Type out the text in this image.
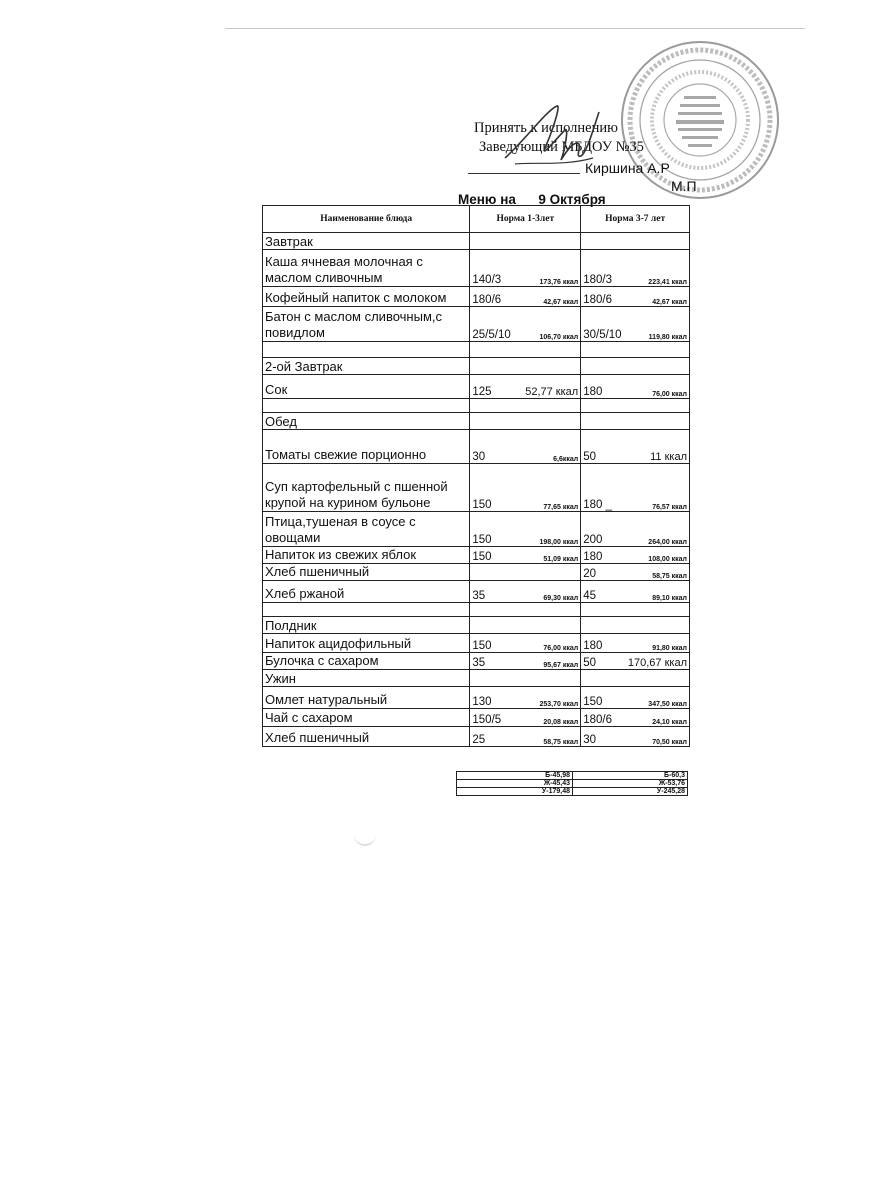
Принять к исполнению
Заведующий МБДОУ №35
Киршина А.Р
М.П
Меню на      9 Октября
Наименование блюда	Норма 1-3лет	Норма 3-7 лет
Завтрак		
Каша ячневая молочная с маслом сливочным	140/3 173,76 ккал	180/3 223,41 ккал

Кофейный напиток с молоком	180/6 42,67 ккал	180/6 42,67 ккал

Батон с маслом сливочным,с повидлом	25/5/10 106,70 ккал	30/5/10 119,80 ккал

2-ой Завтрак		
Сок	125 52,77 ккал	180 76,00 ккал

Обед		
Томаты свежие порционно	30 6,6ккал	50 11 ккал

Суп картофельный с пшенной крупой на курином бульоне	150 77,65 ккал	180 _ 76,57 ккал

Птица,тушеная в соусе с овощами	150 198,00 ккал	200 264,00 ккал

Напиток из свежих яблок	150 51,09 ккал	180 108,00 ккал

Хлеб пшеничный		20 58,75 ккал

Хлеб ржаной	35 69,30 ккал	45 89,10 ккал

Полдник		
Напиток ацидофильный	150 76,00 ккал	180 91,80 ккал

Булочка с сахаром	35 95,67 ккал	50 170,67 ккал

Ужин		
Омлет натуральный	130 253,70 ккал	150 347,50 ккал

Чай с сахаром	150/5 20,08 ккал	180/6 24,10 ккал

Хлеб пшеничный	25 58,75 ккал	30 70,50 ккал
Б-45,98	Б-60,3
Ж-45,43	Ж-53,76
У-179,48	У-245,28
